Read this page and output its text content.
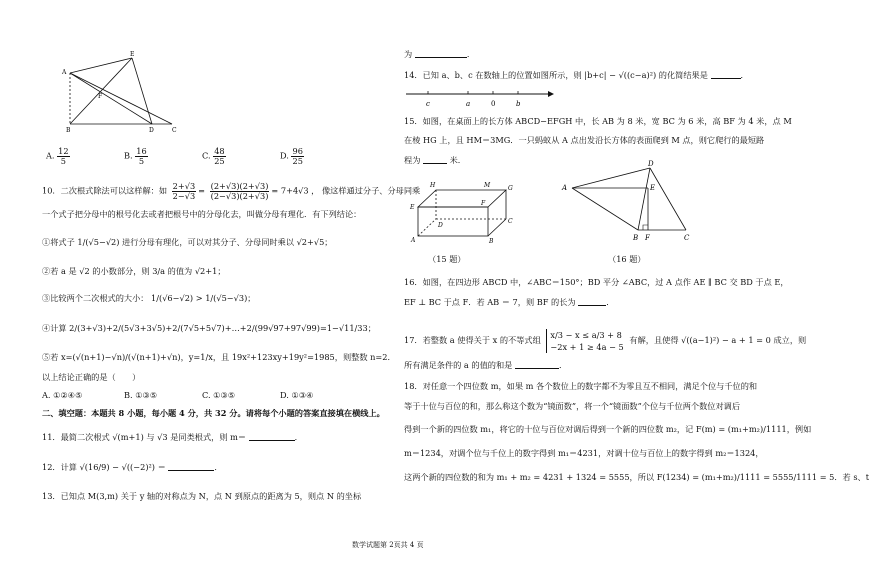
A
E
F
B	D	C
A. $\frac{12}{5}$	B. $\frac{16}{5}$	C. $\frac{48}{25}$	D. $\frac{96}{25}$
10．二次根式除法可以这样解：如 $\frac{2+√3}{2-√3} = \frac{(2+√3)(2+√3)}{(2-√3)(2+√3)} = 7+4√3$ ， 像这样通过分子、分母同乘
一个式子把分母中的根号化去或者把根号中的分母化去，叫做分母有理化．有下列结论：
①将式子 1/(√5−√2) 进行分母有理化，可以对其分子、分母同时乘以 √2+√5；
②若 a 是 √2 的小数部分，则 3/a 的值为 √2+1；
③比较两个二次根式的大小： 1/(√6−√2) > 1/(√5−√3)；
④计算 2/(3+√3)+2/(5√3+3√5)+2/(7√5+5√7)+…+2/(99√97+97√99)=1−√11/33；
⑤若 x=(√(n+1)−√n)/(√(n+1)+√n)，y=1/x，且 19x²+123xy+19y²=1985，则整数 n=2．
以上结论正确的是（　　）
A. ①②④⑤	B. ①③⑤	C. ①③⑤	D. ①③④
二、填空题：本题共 8 小题，每小题 4 分，共 32 分。请将每个小题的答案直接填在横线上。
11．最简二次根式 √(m+1) 与 √3 是同类根式，则 m＝	．
12．计算 √(16/9) − √((−2)²) ＝	．
13．已知点 M(3,m) 关于 y 轴的对称点为 N，点 N 到原点的距离为 5，则点 N 的坐标
为	．
14．已知 a、b、c 在数轴上的位置如图所示，则 |b+c| − √((c−a)²) 的化简结果是	．
c	a	0	b
15．如图，在桌面上的长方体 ABCD−EFGH 中，长 AB 为 8 米，宽 BC 为 6 米，高 BF 为 4 米，点 M
在棱 HG 上，且 HM＝3MG．一只蚂蚁从 A 点出发沿长方体的表面爬到 M 点，则它爬行的最短路
程为	米．
H	M	G
E
F
D
C
A	B
D
A	E
B F	C
（15 题）	（16 题）
16．如图，在四边形 ABCD 中，∠ABC＝150°；BD 平分 ∠ABC，过 A 点作 AE ∥ BC 交 BD 于点 E，
EF ⊥ BC 于点 F．若 AB ＝ 7，则 BF 的长为	．
17．若整数 a 使得关于 x 的不等式组 x/3 − x ≤ a/3 + 8
−2x + 1 ≥ 4a − 5
有解，且使得 √((a−1)²) − a + 1 = 0 成立，则
所有满足条件的 a 的值的和是	．
18．对任意一个四位数 m，如果 m 各个数位上的数字都不为零且互不相同，满足个位与千位的和
等于十位与百位的和，那么称这个数为“镜面数”，将一个“镜面数”个位与千位两个数位对调后
得到一个新的四位数 m₁，将它的十位与百位对调后得到一个新的四位数 m₂，记 F(m) = (m₁+m₂)/1111，例如
m＝1234，对调个位与千位上的数字得到 m₁＝4231，对调十位与百位上的数字得到 m₂＝1324，
这两个新的四位数的和为 m₁ + m₂ = 4231 + 1324 = 5555，所以 F(1234) = (m₁+m₂)/1111 = 5555/1111 = 5．若 s、t
数学试题第 2页共 4 页
